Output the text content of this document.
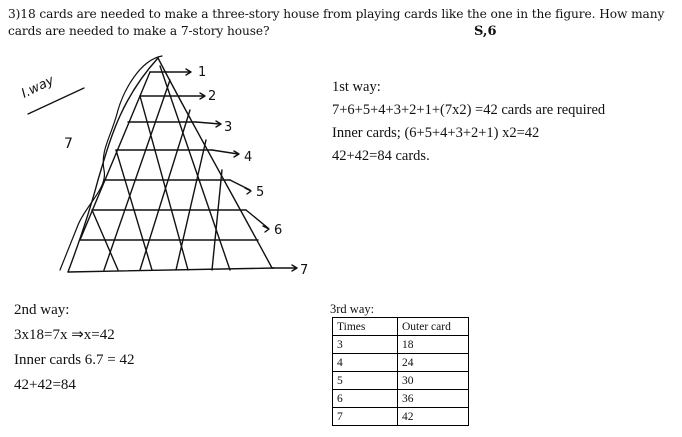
3)18 cards are needed to make a three-story house from playing cards like the one in the figure. How many cards are needed to make a 7-story house?	S,6
I.way
7
1
2
3
4
5
6
7
1st way:
7+6+5+4+3+2+1+(7x2) =42 cards are required
Inner cards; (6+5+4+3+2+1) x2=42
42+42=84 cards.
2nd way:
3x18=7x ⇒x=42
Inner cards 6.7 = 42
42+42=84
3rd way:
Times	Outer card
3	18
4	24
5	30
6	36
7	42
